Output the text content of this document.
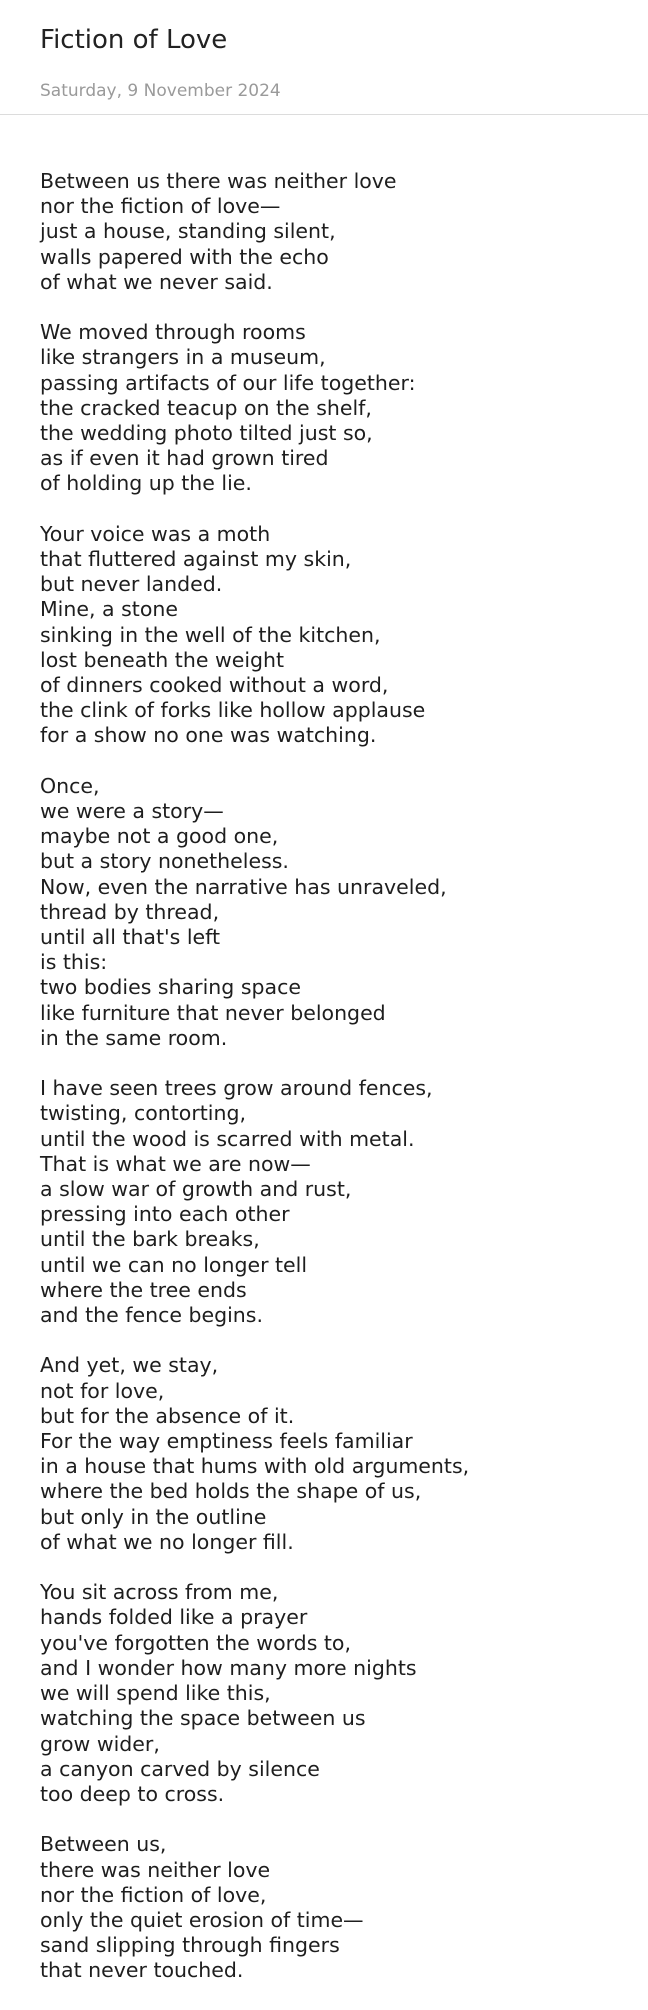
Fiction of Love
Saturday, 9 November 2024
Between us there was neither love
nor the fiction of love—
just a house, standing silent,
walls papered with the echo
of what we never said.
We moved through rooms
like strangers in a museum,
passing artifacts of our life together:
the cracked teacup on the shelf,
the wedding photo tilted just so,
as if even it had grown tired
of holding up the lie.
Your voice was a moth
that fluttered against my skin,
but never landed.
Mine, a stone
sinking in the well of the kitchen,
lost beneath the weight
of dinners cooked without a word,
the clink of forks like hollow applause
for a show no one was watching.
Once,
we were a story—
maybe not a good one,
but a story nonetheless.
Now, even the narrative has unraveled,
thread by thread,
until all that's left
is this:
two bodies sharing space
like furniture that never belonged
in the same room.
I have seen trees grow around fences,
twisting, contorting,
until the wood is scarred with metal.
That is what we are now—
a slow war of growth and rust,
pressing into each other
until the bark breaks,
until we can no longer tell
where the tree ends
and the fence begins.
And yet, we stay,
not for love,
but for the absence of it.
For the way emptiness feels familiar
in a house that hums with old arguments,
where the bed holds the shape of us,
but only in the outline
of what we no longer fill.
You sit across from me,
hands folded like a prayer
you've forgotten the words to,
and I wonder how many more nights
we will spend like this,
watching the space between us
grow wider,
a canyon carved by silence
too deep to cross.
Between us,
there was neither love
nor the fiction of love,
only the quiet erosion of time—
sand slipping through fingers
that never touched.
